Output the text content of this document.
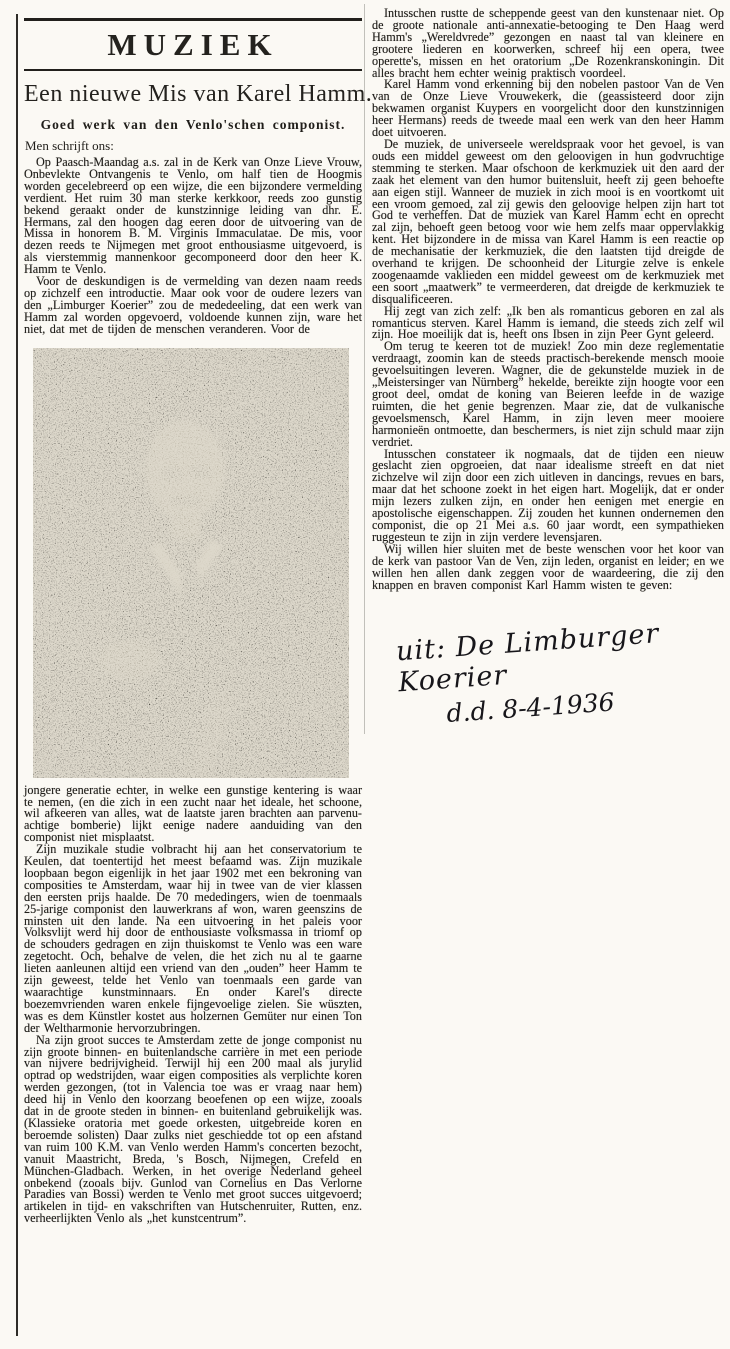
MUZIEK
Een nieuwe Mis van Karel Hamm.
Goed werk van den Venlo'schen componist.
Men schrijft ons:

Op Paasch-Maandag a.s. zal in de Kerk van Onze Lieve Vrouw, Onbevlekte Ontvangenis te Venlo, om half tien de Hoogmis worden gecelebreerd op een wijze, die een bijzondere vermelding verdient. Het ruim 30 man sterke kerkkoor, reeds zoo gunstig bekend geraakt onder de kunstzinnige leiding van dhr. E. Hermans, zal den hoogen dag eeren door de uitvoering van de Missa in honorem B. M. Virginis Immaculatae. De mis, voor dezen reeds te Nijmegen met groot enthousiasme uitgevoerd, is als vierstemmig mannenkoor gecomponeerd door den heer K. Hamm te Venlo.

Voor de deskundigen is de vermelding van dezen naam reeds op zichzelf een introductie. Maar ook voor de oudere lezers van den „Limburger Koerier” zou de mededeeling, dat een werk van Hamm zal worden opgevoerd, voldoende kunnen zijn, ware het niet, dat met de tijden de menschen veranderen. Voor de

jongere generatie echter, in welke een gunstige kentering is waar te nemen, (en die zich in een zucht naar het ideale, het schoone, wil afkeeren van alles, wat de laatste jaren brachten aan parvenu-achtige bomberie) lijkt eenige nadere aanduiding van den componist niet misplaatst.

Zijn muzikale studie volbracht hij aan het conservatorium te Keulen, dat toentertijd het meest befaamd was. Zijn muzikale loopbaan begon eigenlijk in het jaar 1902 met een bekroning van composities te Amsterdam, waar hij in twee van de vier klassen den eersten prijs haalde. De 70 mededingers, wien de toenmaals 25-jarige componist den lauwerkrans af won, waren geenszins de minsten uit den lande. Na een uitvoering in het paleis voor Volksvlijt werd hij door de enthousiaste volksmassa in triomf op de schouders gedragen en zijn thuiskomst te Venlo was een ware zegetocht. Och, behalve de velen, die het zich nu al te gaarne lieten aanleunen altijd een vriend van den „ouden” heer Hamm te zijn geweest, telde het Venlo van toenmaals een garde van waarachtige kunstminnaars. En onder Karel's directe boezemvrienden waren enkele fijngevoelige zielen. Sie wüszten, was es dem Künstler kostet aus holzernen Gemüter nur einen Ton der Weltharmonie hervorzubringen.

Na zijn groot succes te Amsterdam zette de jonge componist nu zijn groote binnen- en buitenlandsche carrière in met een periode van nijvere bedrijvigheid. Terwijl hij een 200 maal als jurylid optrad op wedstrijden, waar eigen composities als verplichte koren werden gezongen, (tot in Valencia toe was er vraag naar hem) deed hij in Venlo den koorzang beoefenen op een wijze, zooals dat in de groote steden in binnen- en buitenland gebruikelijk was. (Klassieke oratoria met goede orkesten, uitgebreide koren en beroemde solisten) Daar zulks niet geschiedde tot op een afstand van ruim 100 K.M. van Venlo werden Hamm's concerten bezocht, vanuit Maastricht, Breda, 's Bosch, Nijmegen, Crefeld en München-Gladbach. Werken, in het overige Nederland geheel onbekend (zooals bijv. Gunlod van Cornelius en Das Verlorne Paradies van Bossi) werden te Venlo met groot succes uitgevoerd; artikelen in tijd- en vakschriften van Hutschenruiter, Rutten, enz. verheerlijkten Venlo als „het kunstcentrum”.

Intusschen rustte de scheppende geest van den kunstenaar niet. Op de groote nationale anti-annexatie-betooging te Den Haag werd Hamm's „Wereldvrede” gezongen en naast tal van kleinere en grootere liederen en koorwerken, schreef hij een opera, twee operette's, missen en het oratorium „De Rozenkranskoningin. Dit alles bracht hem echter weinig praktisch voordeel.

Karel Hamm vond erkenning bij den nobelen pastoor Van de Ven van de Onze Lieve Vrouwekerk, die (geassisteerd door zijn bekwamen organist Kuypers en voorgelicht door den kunstzinnigen heer Hermans) reeds de tweede maal een werk van den heer Hamm doet uitvoeren.

De muziek, de universeele wereldspraak voor het gevoel, is van ouds een middel geweest om den geloovigen in hun godvruchtige stemming te sterken. Maar ofschoon de kerkmuziek uit den aard der zaak het element van den humor buitensluit, heeft zij geen behoefte aan eigen stijl. Wanneer de muziek in zich mooi is en voortkomt uit een vroom gemoed, zal zij gewis den geloovige helpen zijn hart tot God te verheffen. Dat de muziek van Karel Hamm echt en oprecht zal zijn, behoeft geen betoog voor wie hem zelfs maar oppervlakkig kent. Het bijzondere in de missa van Karel Hamm is een reactie op de mechanisatie der kerkmuziek, die den laatsten tijd dreigde de overhand te krijgen. De schoonheid der Liturgie zelve is enkele zoogenaamde vaklieden een middel geweest om de kerkmuziek met een soort „maatwerk” te vermeerderen, dat dreigde de kerkmuziek te disqualificeeren.

Hij zegt van zich zelf: „Ik ben als romanticus geboren en zal als romanticus sterven. Karel Hamm is iemand, die steeds zich zelf wil zijn. Hoe moeilijk dat is, heeft ons Ibsen in zijn Peer Gynt geleerd.

Om terug te keeren tot de muziek! Zoo min deze reglementatie verdraagt, zoomin kan de steeds practisch-berekende mensch mooie gevoelsuitingen leveren. Wagner, die de gekunstelde muziek in de „Meistersinger van Nürnberg” hekelde, bereikte zijn hoogte voor een groot deel, omdat de koning van Beieren leefde in de wazige ruimten, die het genie begrenzen. Maar zie, dat de vulkanische gevoelsmensch, Karel Hamm, in zijn leven meer mooiere harmonieën ontmoette, dan beschermers, is niet zijn schuld maar zijn verdriet.

Intusschen constateer ik nogmaals, dat de tijden een nieuw geslacht zien opgroeien, dat naar idealisme streeft en dat niet zichzelve wil zijn door een zich uitleven in dancings, revues en bars, maar dat het schoone zoekt in het eigen hart. Mogelijk, dat er onder mijn lezers zulken zijn, en onder hen eenigen met energie en apostolische eigenschappen. Zij zouden het kunnen ondernemen den componist, die op 21 Mei a.s. 60 jaar wordt, een sympathieken ruggesteun te zijn in zijn verdere levensjaren.

Wij willen hier sluiten met de beste wenschen voor het koor van de kerk van pastoor Van de Ven, zijn leden, organist en leider; en we willen hen allen dank zeggen voor de waardeering, die zij den knappen en braven componist Karl Hamm wisten te geven:

uit: De Limburger Koerier
d.d. 8-4-1936
